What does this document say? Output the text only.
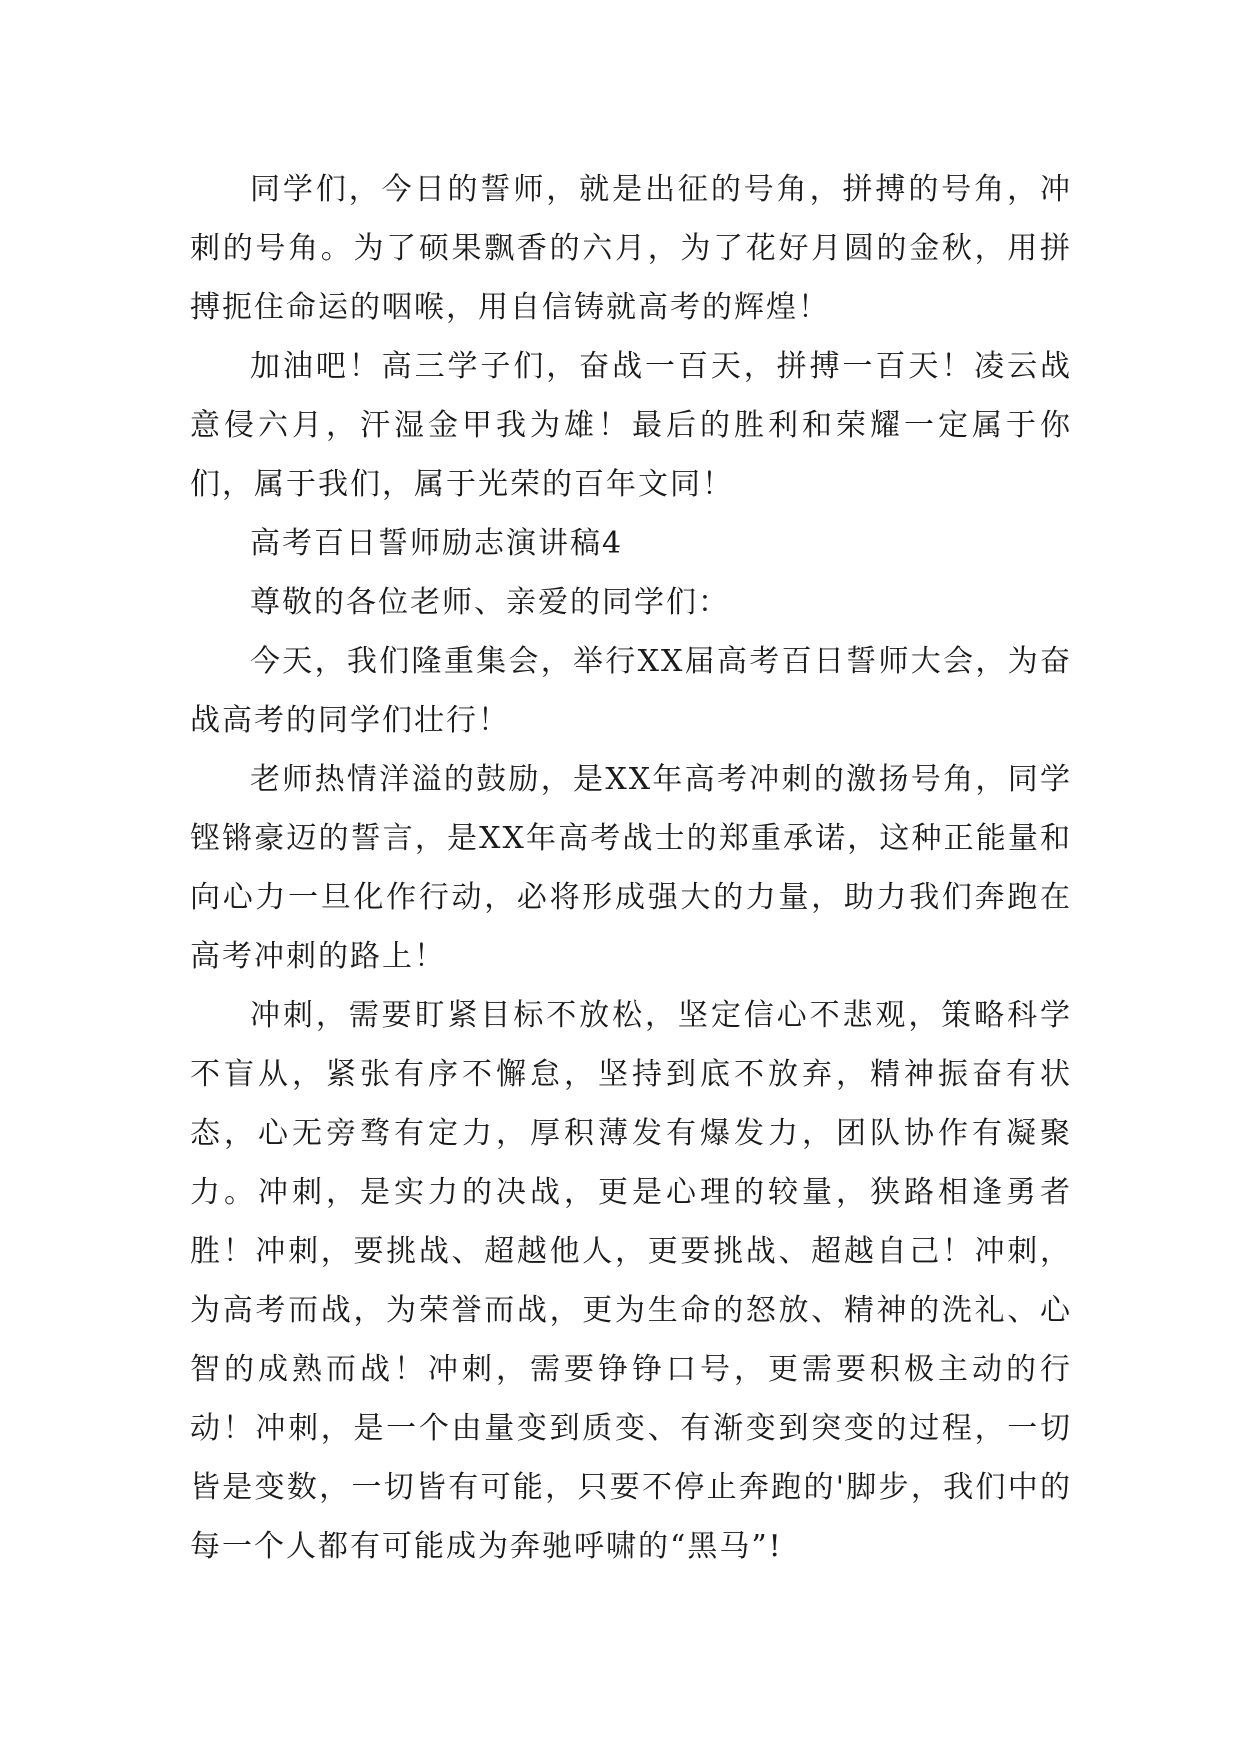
同学们，今日的誓师，就是出征的号角，拼搏的号角，冲刺的号角。为了硕果飘香的六月，为了花好月圆的金秋，用拼搏扼住命运的咽喉，用自信铸就高考的辉煌！

加油吧！高三学子们，奋战一百天，拼搏一百天！凌云战意侵六月，汗湿金甲我为雄！最后的胜利和荣耀一定属于你们，属于我们，属于光荣的百年文同！

高考百日誓师励志演讲稿4

尊敬的各位老师、亲爱的同学们：

今天，我们隆重集会，举行XX届高考百日誓师大会，为奋战高考的同学们壮行！

老师热情洋溢的鼓励，是XX年高考冲刺的激扬号角，同学铿锵豪迈的誓言，是XX年高考战士的郑重承诺，这种正能量和向心力一旦化作行动，必将形成强大的力量，助力我们奔跑在高考冲刺的路上！

冲刺，需要盯紧目标不放松，坚定信心不悲观，策略科学不盲从，紧张有序不懈怠，坚持到底不放弃，精神振奋有状态，心无旁骛有定力，厚积薄发有爆发力，团队协作有凝聚力。冲刺，是实力的决战，更是心理的较量，狭路相逢勇者胜！冲刺，要挑战、超越他人，更要挑战、超越自己！冲刺，为高考而战，为荣誉而战，更为生命的怒放、精神的洗礼、心智的成熟而战！冲刺，需要铮铮口号，更需要积极主动的行动！冲刺，是一个由量变到质变、有渐变到突变的过程，一切皆是变数，一切皆有可能，只要不停止奔跑的'脚步，我们中的每一个人都有可能成为奔驰呼啸的“黑马”!
